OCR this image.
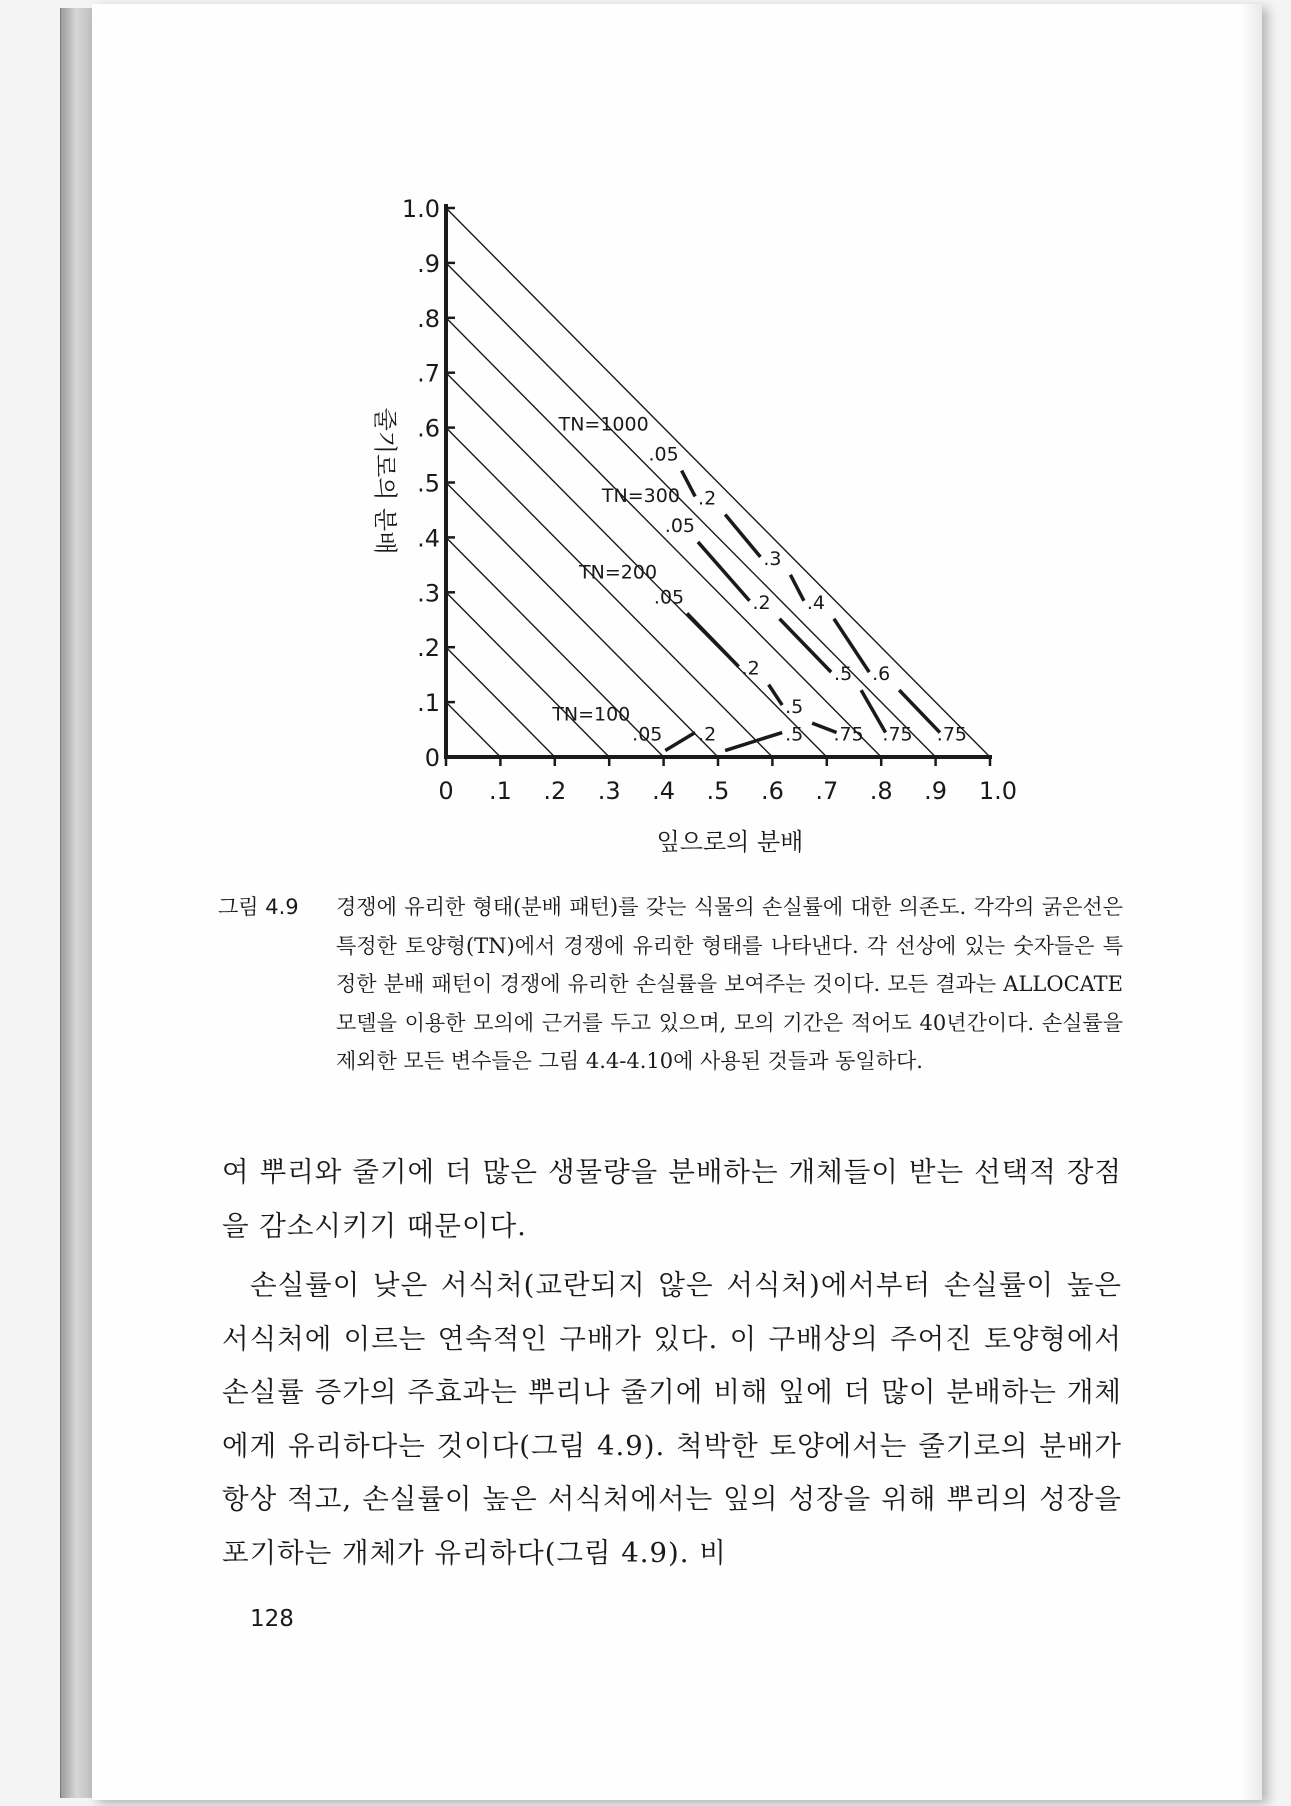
0 .1 .2 .3 .4 .5 .6 .7 .8 .9 1.0
0
.1
.2
.3
.4
.5
.6
.7
.8
.9
1.0
.05
.2
.3
.4
.6
.75
TN=1000
.05
.2
.5
.75
TN=300
.05
.2
.5
.75
TN=200
.05 .2	.5
TN=100
잎으로의 분배
줄기로의 분배
그림 4.9	경쟁에 유리한 형태(분배 패턴)를 갖는 식물의 손실률에 대한 의존도. 각각의 굵은선은 특정한 토양형(TN)에서 경쟁에 유리한 형태를 나타낸다. 각 선상에 있는 숫자들은 특정한 분배 패턴이 경쟁에 유리한 손실률을 보여주는 것이다. 모든 결과는 ALLOCATE 모델을 이용한 모의에 근거를 두고 있으며, 모의 기간은 적어도 40년간이다. 손실률을 제외한 모든 변수들은 그림 4.4-4.10에 사용된 것들과 동일하다.

여 뿌리와 줄기에 더 많은 생물량을 분배하는 개체들이 받는 선택적 장점을 감소시키기 때문이다.

손실률이 낮은 서식처(교란되지 않은 서식처)에서부터 손실률이 높은 서식처에 이르는 연속적인 구배가 있다. 이 구배상의 주어진 토양형에서 손실률 증가의 주효과는 뿌리나 줄기에 비해 잎에 더 많이 분배하는 개체에게 유리하다는 것이다(그림 4.9). 척박한 토양에서는 줄기로의 분배가 항상 적고, 손실률이 높은 서식처에서는 잎의 성장을 위해 뿌리의 성장을 포기하는 개체가 유리하다(그림 4.9). 비

128
